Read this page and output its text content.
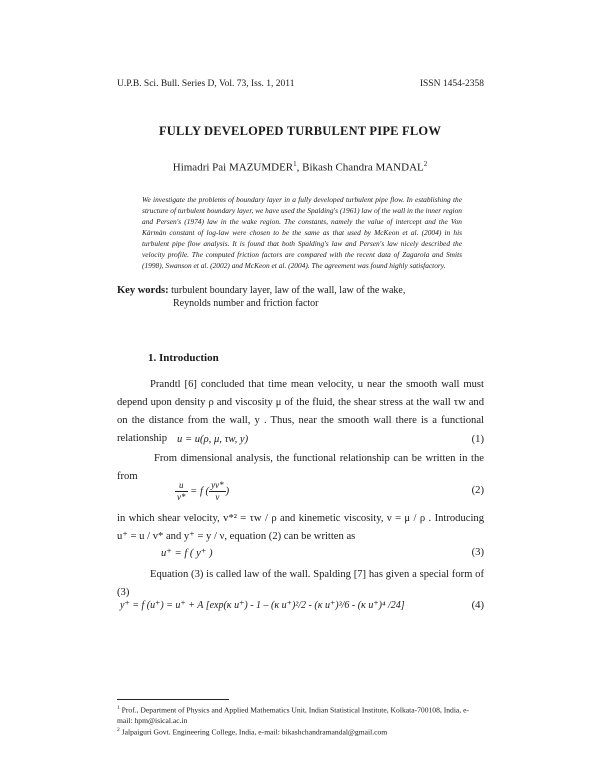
U.P.B. Sci. Bull. Series D, Vol. 73, Iss. 1, 2011	ISSN 1454-2358
FULLY DEVELOPED TURBULENT PIPE FLOW
Himadri Pai MAZUMDER$^1$, Bikash Chandra MANDAL$^2$

We investigate the problems of boundary layer in a fully developed turbulent pipe flow. In establishing the structure of turbulent boundary layer, we have used the Spalding's (1961) law of the wall in the inner region and Persen's (1974) law in the wake region. The constants, namely the value of intercept and the Von Kàrmàn constant of log-law were chosen to be the same as that used by McKeon et al. (2004) in his turbulent pipe flow analysis. It is found that both Spalding's law and Persen's law nicely described the velocity profile. The computed friction factors are compared with the recent data of Zagarola and Smits (1998), Swanson et al. (2002) and McKeon et al. (2004). The agreement was found highly satisfactory.

Key words: turbulent boundary layer, law of the wall, law of the wake,
Reynolds number and friction factor
1. Introduction

Prandtl [6] concluded that time mean velocity, u near the smooth wall must depend upon density ρ and viscosity μ of the fluid, the shear stress at the wall τw and on the distance from the wall, y . Thus, near the smooth wall there is a functional relationship u = u(ρ, μ, τw, y)	(1)

From dimensional analysis, the functional relationship can be written in the from

$\frac{u}{v*} = f$ ( $\frac{yv*}{\nu}$ )	(2)

in which shear velocity, v*² = τw / ρ and kinemetic viscosity, ν = μ / ρ . Introducing u⁺ = u / v* and y⁺ = y / ν, equation (2) can be written as

u⁺ = f ( y⁺ )	(3)

Equation (3) is called law of the wall. Spalding [7] has given a special form of (3)

y⁺ = f (u⁺) = u⁺ + A [exp(κ u⁺) - 1 – (κ u⁺)²/2 - (κ u⁺)³/6 - (κ u⁺)⁴ /24]	(4)

$^1$ Prof., Department of Physics and Applied Mathematics Unit, Indian Statistical Institute, Kolkata-700108, India, e-mail: hpm@isical.ac.in

$^2$ Jalpaiguri Govt. Engineering College, India, e-mail: bikashchandramandal@gmail.com
